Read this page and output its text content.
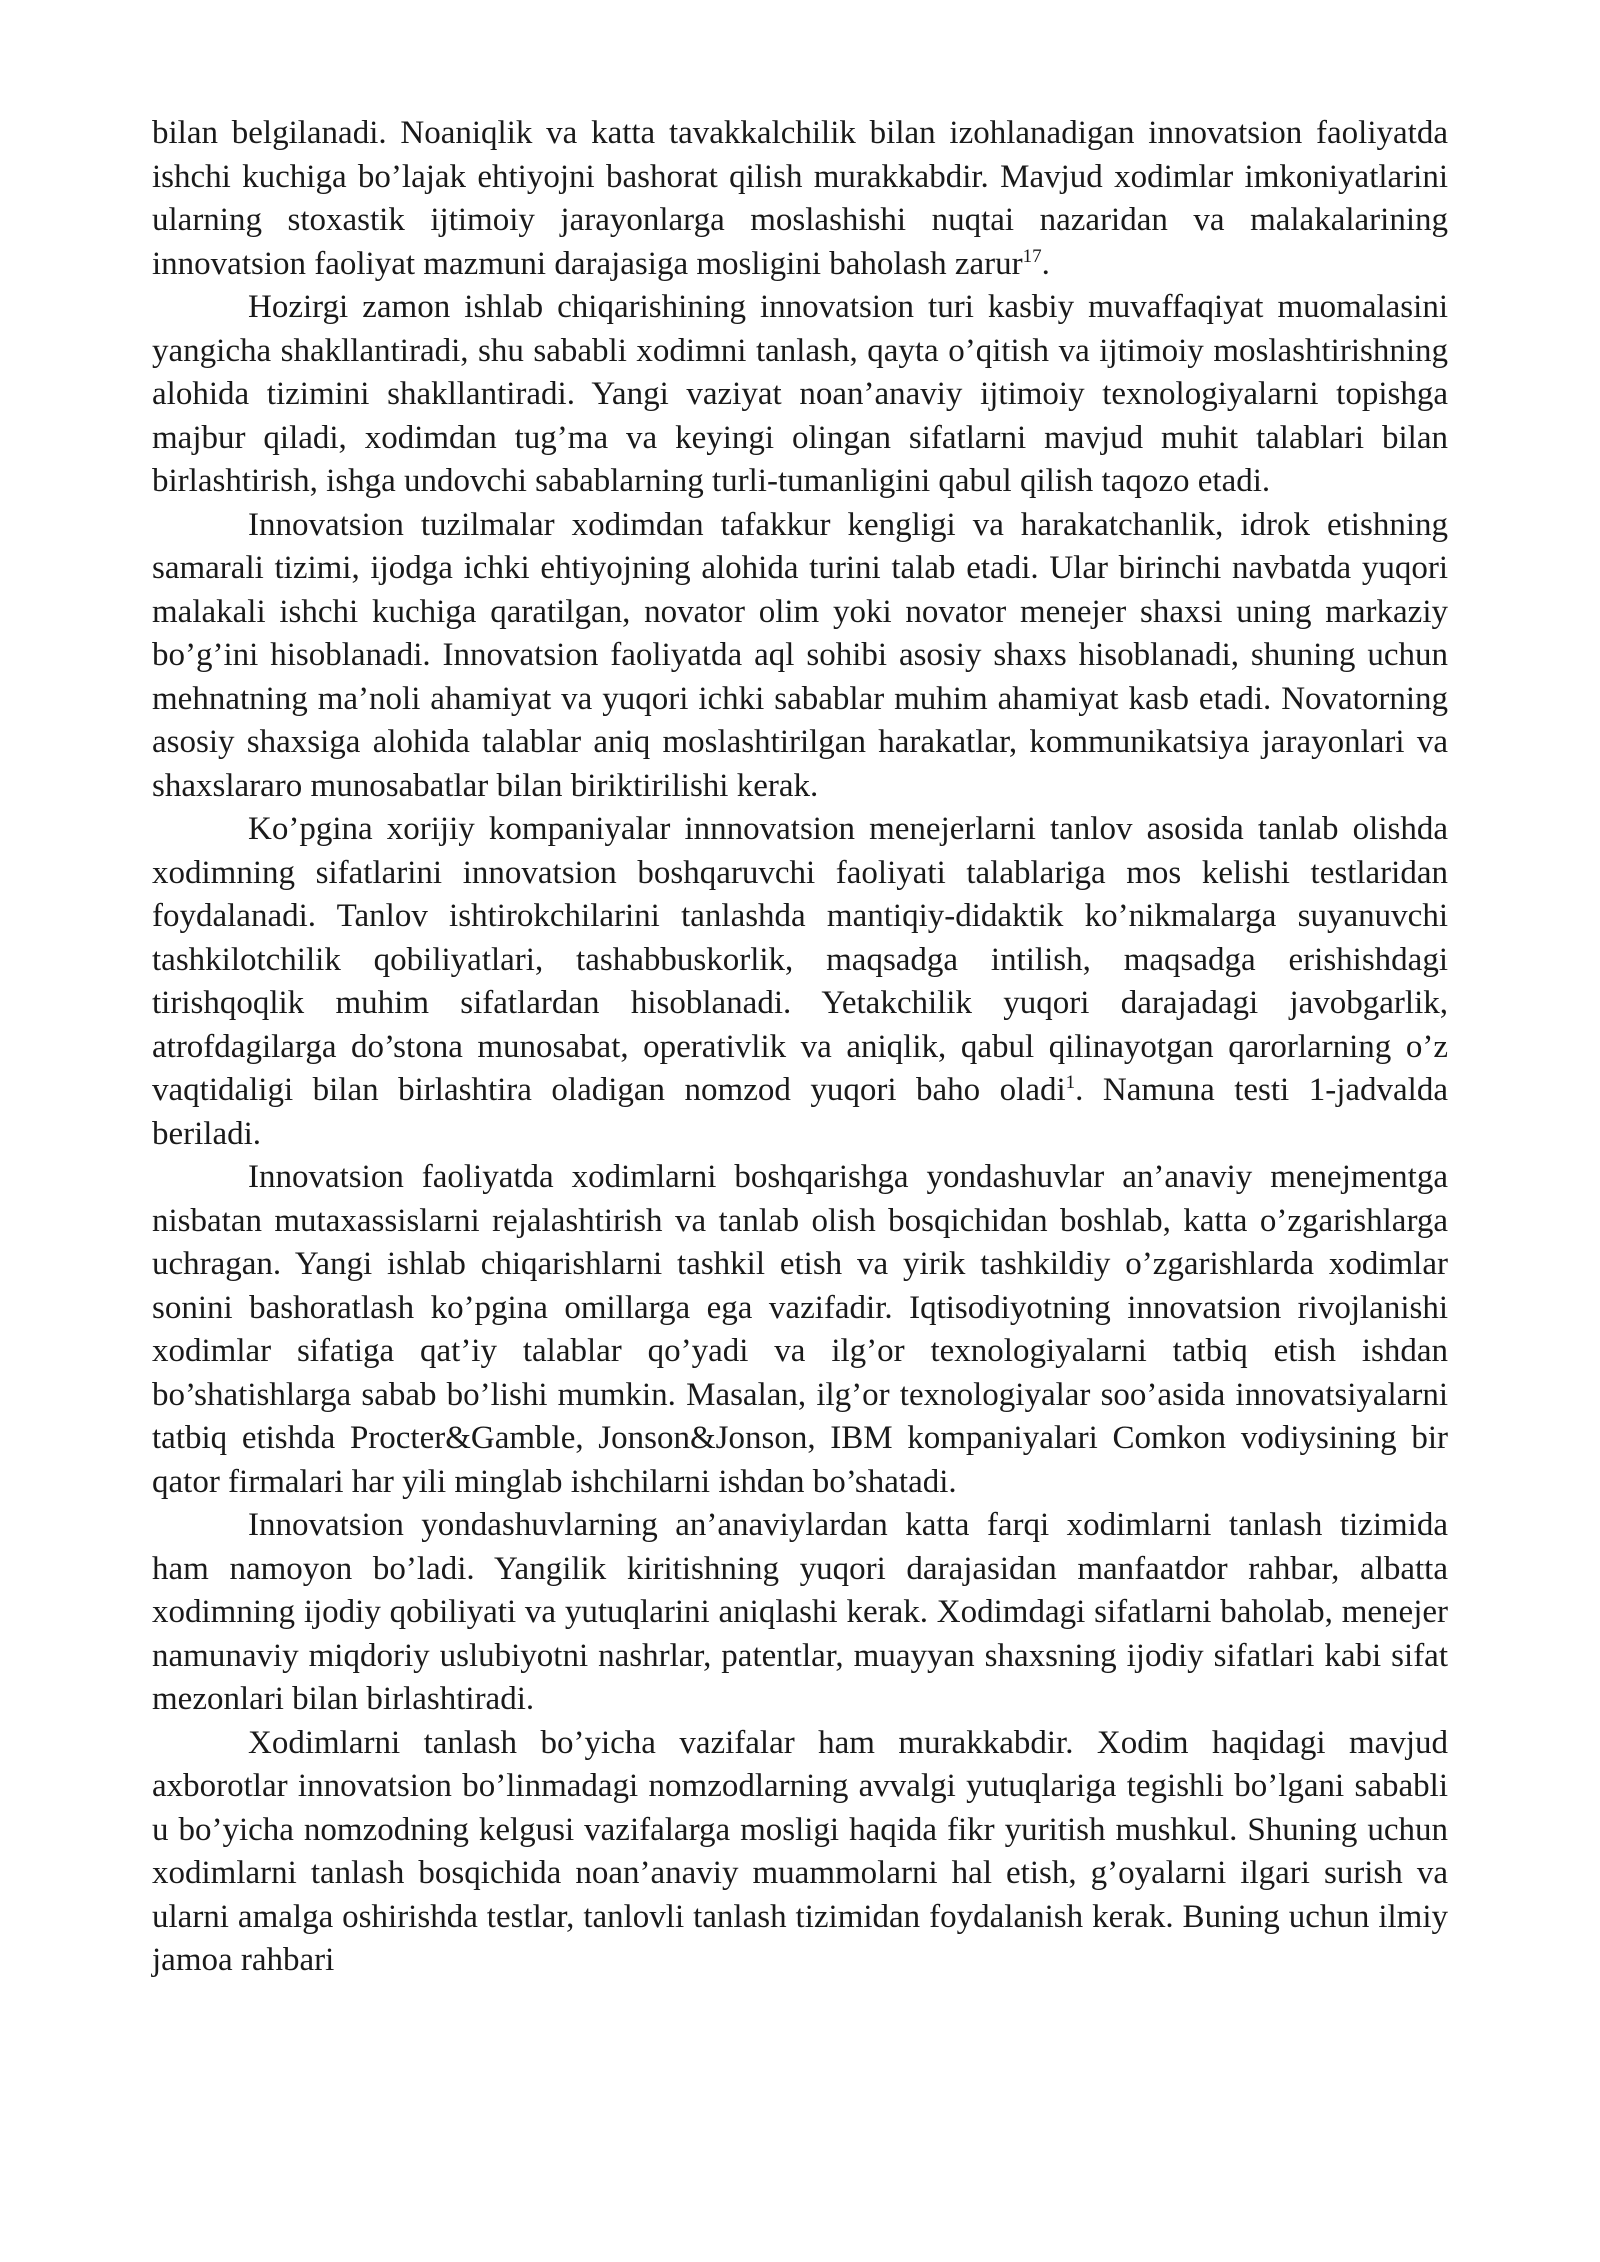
bilan belgilanadi. Noaniqlik va katta tavakkalchilik bilan izohlanadigan innovatsion faoliyatda ishchi kuchiga bo’lajak ehtiyojni bashorat qilish murakkabdir. Mavjud xodimlar imkoniyatlarini ularning stoxastik ijtimoiy jarayonlarga moslashishi nuqtai nazaridan va malakalarining innovatsion faoliyat mazmuni darajasiga mosligini baholash zarur$^{17}$.

Hozirgi zamon ishlab chiqarishining innovatsion turi kasbiy muvaffaqiyat muomalasini yangicha shakllantiradi, shu sababli xodimni tanlash, qayta o’qitish va ijtimoiy moslashtirishning alohida tizimini shakllantiradi. Yangi vaziyat noan’anaviy ijtimoiy texnologiyalarni topishga majbur qiladi, xodimdan tug’ma va keyingi olingan sifatlarni mavjud muhit talablari bilan birlashtirish, ishga undovchi sabablarning turli-tumanligini qabul qilish taqozo etadi.

Innovatsion tuzilmalar xodimdan tafakkur kengligi va harakatchanlik, idrok etishning samarali tizimi, ijodga ichki ehtiyojning alohida turini talab etadi. Ular birinchi navbatda yuqori malakali ishchi kuchiga qaratilgan, novator olim yoki novator menejer shaxsi uning markaziy bo’g’ini hisoblanadi. Innovatsion faoliyatda aql sohibi asosiy shaxs hisoblanadi, shuning uchun mehnatning ma’noli ahamiyat va yuqori ichki sabablar muhim ahamiyat kasb etadi. Novatorning asosiy shaxsiga alohida talablar aniq moslashtirilgan harakatlar, kommunikatsiya jarayonlari va shaxslararo munosabatlar bilan biriktirilishi kerak.

Ko’pgina xorijiy kompaniyalar innnovatsion menejerlarni tanlov asosida tanlab olishda xodimning sifatlarini innovatsion boshqaruvchi faoliyati talablariga mos kelishi testlaridan foydalanadi. Tanlov ishtirokchilarini tanlashda mantiqiy-didaktik ko’nikmalarga suyanuvchi tashkilotchilik qobiliyatlari, tashabbuskorlik, maqsadga intilish, maqsadga erishishdagi tirishqoqlik muhim sifatlardan hisoblanadi. Yetakchilik yuqori darajadagi javobgarlik, atrofdagilarga do’stona munosabat, operativlik va aniqlik, qabul qilinayotgan qarorlarning o’z vaqtidaligi bilan birlashtira oladigan nomzod yuqori baho oladi$^1$. Namuna testi 1-jadvalda beriladi.

Innovatsion faoliyatda xodimlarni boshqarishga yondashuvlar an’anaviy menejmentga nisbatan mutaxassislarni rejalashtirish va tanlab olish bosqichidan boshlab, katta o’zgarishlarga uchragan. Yangi ishlab chiqarishlarni tashkil etish va yirik tashkildiy o’zgarishlarda xodimlar sonini bashoratlash ko’pgina omillarga ega vazifadir. Iqtisodiyotning innovatsion rivojlanishi xodimlar sifatiga qat’iy talablar qo’yadi va ilg’or texnologiyalarni tatbiq etish ishdan bo’shatishlarga sabab bo’lishi mumkin. Masalan, ilg’or texnologiyalar soo’asida innovatsiyalarni tatbiq etishda Procter&Gamble, Jonson&Jonson, IBM kompaniyalari Comkon vodiysining bir qator firmalari har yili minglab ishchilarni ishdan bo’shatadi.

Innovatsion yondashuvlarning an’anaviylardan katta farqi xodimlarni tanlash tizimida ham namoyon bo’ladi. Yangilik kiritishning yuqori darajasidan manfaatdor rahbar, albatta xodimning ijodiy qobiliyati va yutuqlarini aniqlashi kerak. Xodimdagi sifatlarni baholab, menejer namunaviy miqdoriy uslubiyotni nashrlar, patentlar, muayyan shaxsning ijodiy sifatlari kabi sifat mezonlari bilan birlashtiradi.

Xodimlarni tanlash bo’yicha vazifalar ham murakkabdir. Xodim haqidagi mavjud axborotlar innovatsion bo’linmadagi nomzodlarning avvalgi yutuqlariga tegishli bo’lgani sababli u bo’yicha nomzodning kelgusi vazifalarga mosligi haqida fikr yuritish mushkul. Shuning uchun xodimlarni tanlash bosqichida noan’anaviy muammolarni hal etish, g’oyalarni ilgari surish va ularni amalga oshirishda testlar, tanlovli tanlash tizimidan foydalanish kerak. Buning uchun ilmiy jamoa rahbari
